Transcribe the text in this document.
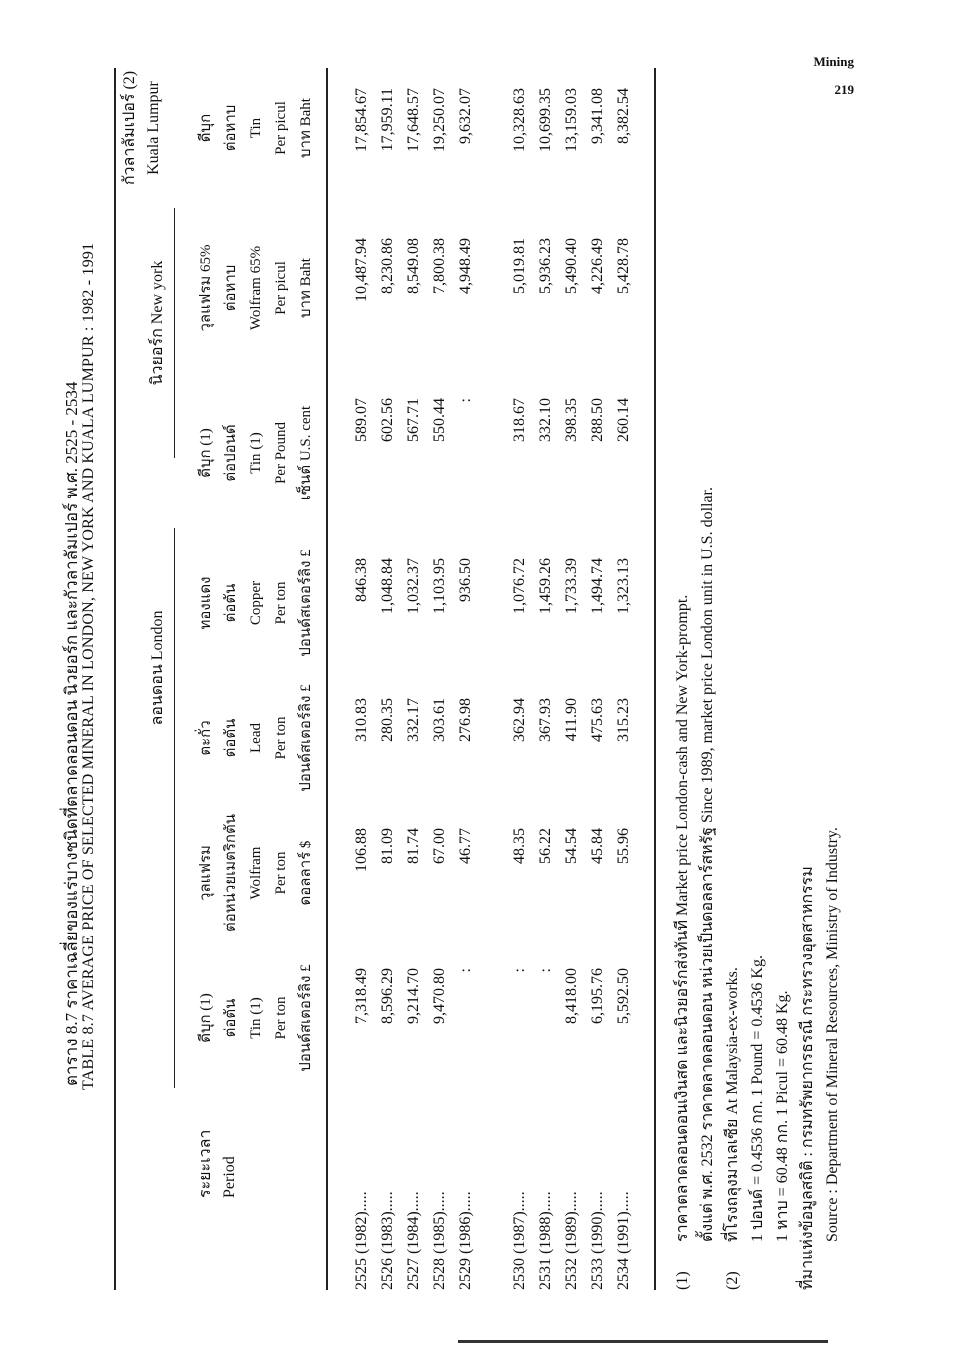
Mining
219
ตาราง 8.7 ราคาเฉลี่ยของแร่บางชนิดที่ตลาดลอนดอน นิวยอร์ก และกัวลาลัมเปอร์ พ.ศ. 2525 - 2534 TABLE 8.7 AVERAGE PRICE OF SELECTED MINERAL IN LONDON, NEW YORK AND KUALA LUMPUR : 1982 - 1991	ลอนดอน London
นิวยอร์ก New york
กัวลาลัมเปอร์ (2) Kuala Lumpur
ระยะเวลา Period
ดีบุก (1) ต่อตัน Tin (1) Per ton ปอนด์สเตอร์ลิง £
วุลแฟรม ต่อหน่วยเมตริกตัน Wolfram Per ton ดอลลาร์ $
ตะกั่ว ต่อตัน Lead Per ton ปอนด์สเตอร์ลิง £
ทองแดง ต่อตัน Copper Per ton ปอนด์สเตอร์ลิง £
ดีบุก (1) ต่อปอนด์ Tin (1) Per Pound เซ็นต์ U.S. cent
วุลแฟรม 65% ต่อหาบ Wolfram 65% Per picul บาท Baht
ดีบุก ต่อหาบ Tin Per picul บาท Baht
2525 (1982).....
7,318.49
106.88
310.83
846.38
589.07
10,487.94
17,854.67
2526 (1983).....
8,596.29
81.09
280.35
1,048.84
602.56
8,230.86
17,959.11
2527 (1984).....
9,214.70
81.74
332.17
1,032.37
567.71
8,549.08
17,648.57
2528 (1985).....
9,470.80
67.00
303.61
1,103.95
550.44
7,800.38
19,250.07
2529 (1986).....
:
46.77
276.98
936.50
:
4,948.49
9,632.07
2530 (1987).....
:
48.35
362.94
1,076.72
318.67
5,019.81
10,328.63
2531 (1988).....
:
56.22
367.93
1,459.26
332.10
5,936.23
10,699.35
2532 (1989).....
8,418.00
54.54
411.90
1,733.39
398.35
5,490.40
13,159.03
2533 (1990).....
6,195.76
45.84
475.63
1,494.74
288.50
4,226.49
9,341.08
2534 (1991).....
5,592.50
55.96
315.23
1,323.13
260.14
5,428.78
8,382.54
(1)ราคาตลาดลอนดอนเงินสด และนิวยอร์กส่งทันที Market price London-cash and New York-prompt. ตั้งแต่ พ.ศ. 2532 ราคาตลาดลอนดอน หน่วยเป็นดอลลาร์สหรัฐ Since 1989, market price London unit in U.S. dollar.
(2)ที่โรงถลุงมาเลเซีย At Malaysia-ex-works. 1 ปอนด์ = 0.4536 กก. 1 Pound = 0.4536 Kg. 1 หาบ = 60.48 กก. 1 Picul = 60.48 Kg. ที่มาแห่งข้อมูลสถิติ : กรมทรัพยากรธรณี กระทรวงอุตสาหกรรม Source : Department of Mineral Resources, Ministry of Industry.
